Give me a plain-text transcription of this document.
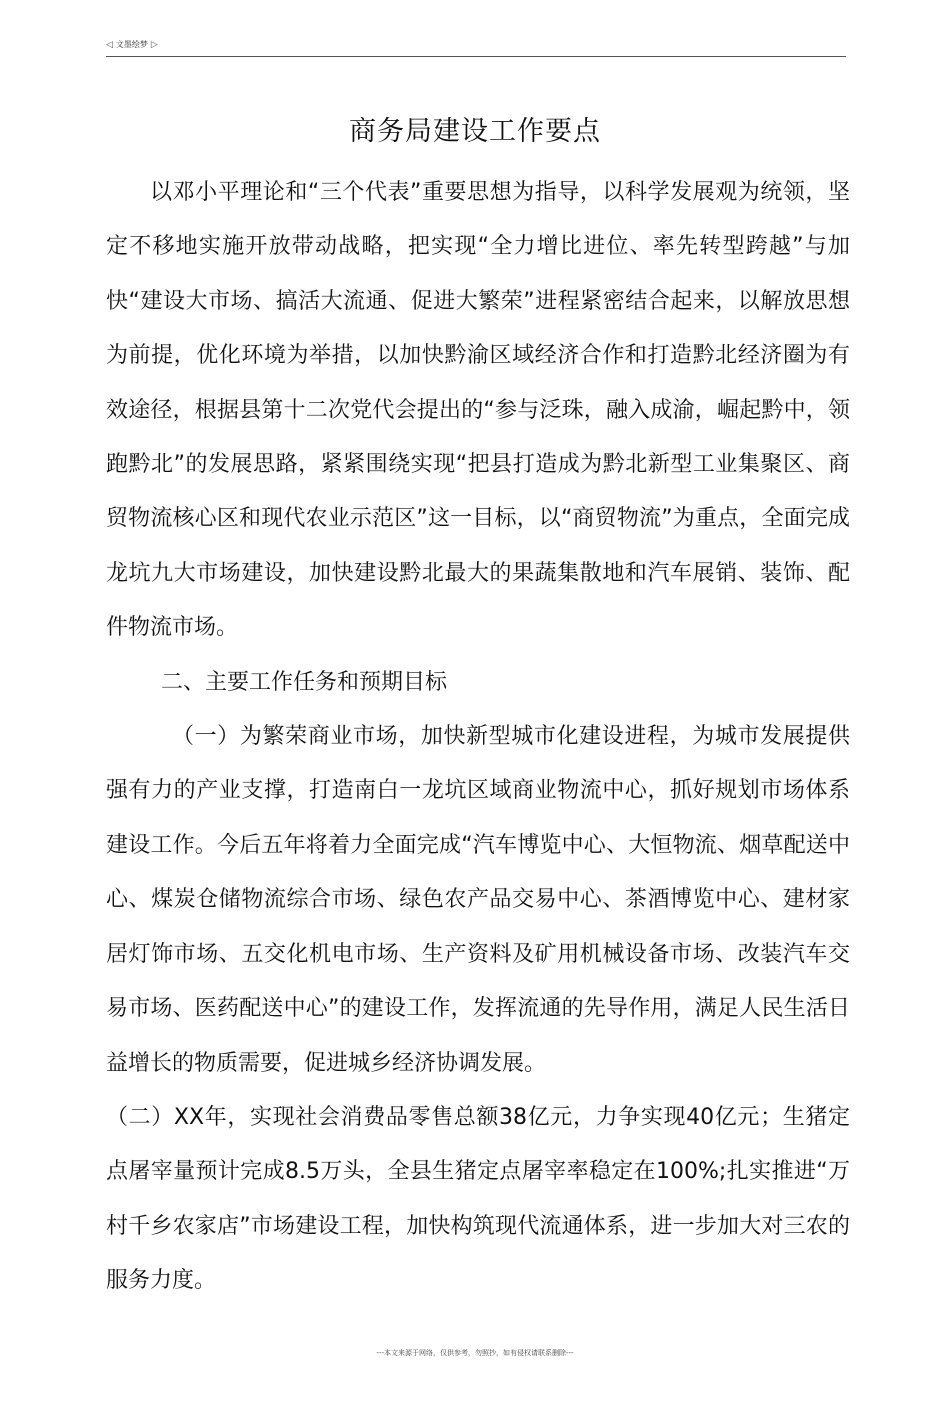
◁ 文墨绘梦 ▷
商务局建设工作要点

以邓小平理论和“三个代表”重要思想为指导，以科学发展观为统领，坚定不移地实施开放带动战略，把实现“全力增比进位、率先转型跨越”与加快“建设大市场、搞活大流通、促进大繁荣”进程紧密结合起来，以解放思想为前提，优化环境为举措，以加快黔渝区域经济合作和打造黔北经济圈为有效途径，根据县第十二次党代会提出的“参与泛珠，融入成渝，崛起黔中，领跑黔北”的发展思路，紧紧围绕实现“把县打造成为黔北新型工业集聚区、商贸物流核心区和现代农业示范区”这一目标，以“商贸物流”为重点，全面完成龙坑九大市场建设，加快建设黔北最大的果蔬集散地和汽车展销、装饰、配件物流市场。

二、主要工作任务和预期目标

（一）为繁荣商业市场，加快新型城市化建设进程，为城市发展提供强有力的产业支撑，打造南白一龙坑区域商业物流中心，抓好规划市场体系建设工作。今后五年将着力全面完成“汽车博览中心、大恒物流、烟草配送中心、煤炭仓储物流综合市场、绿色农产品交易中心、茶酒博览中心、建材家居灯饰市场、五交化机电市场、生产资料及矿用机械设备市场、改装汽车交易市场、医药配送中心”的建设工作，发挥流通的先导作用，满足人民生活日益增长的物质需要，促进城乡经济协调发展。

（二）XX年，实现社会消费品零售总额38亿元，力争实现40亿元；生猪定点屠宰量预计完成8.5万头，全县生猪定点屠宰率稳定在100%;扎实推进“万村千乡农家店”市场建设工程，加快构筑现代流通体系，进一步加大对三农的服务力度。

---本文来源于网络，仅供参考，勿照抄，如有侵权请联系删除---
